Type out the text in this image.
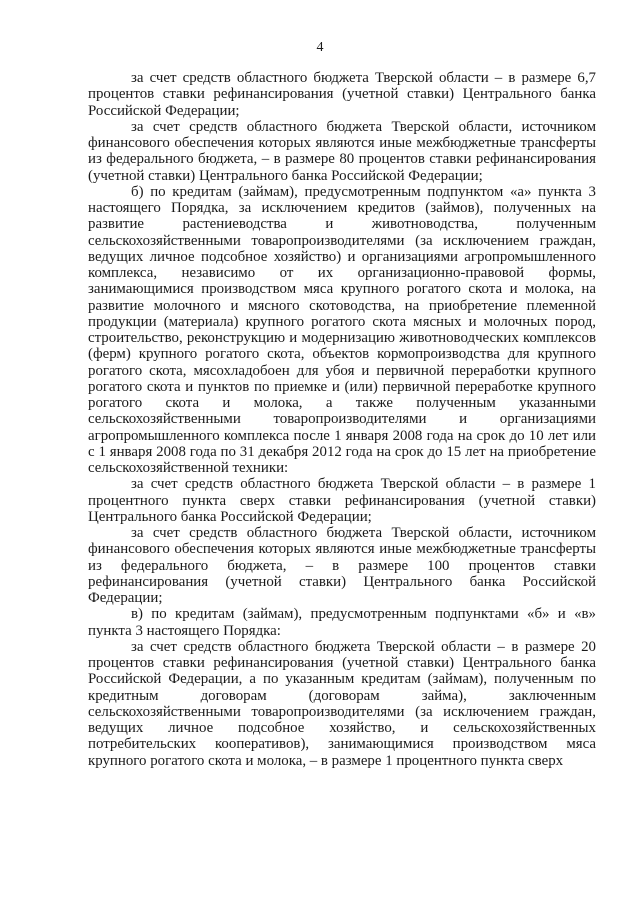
4

за счет средств областного бюджета Тверской области – в размере 6,7 процентов ставки рефинансирования (учетной ставки) Центрального банка Российской Федерации;

за счет средств областного бюджета Тверской области, источником финансового обеспечения которых являются иные межбюджетные трансферты из федерального бюджета, – в размере 80 процентов ставки рефинансирования (учетной ставки) Центрального банка Российской Федерации;

б) по кредитам (займам), предусмотренным подпунктом «а» пункта 3 настоящего Порядка, за исключением кредитов (займов), полученных на развитие растениеводства и животноводства, полученным сельскохозяйственными товаропроизводителями (за исключением граждан, ведущих личное подсобное хозяйство) и организациями агропромышленного комплекса, независимо от их организационно-правовой формы, занимающимися производством мяса крупного рогатого скота и молока, на развитие молочного и мясного скотоводства, на приобретение племенной продукции (материала) крупного рогатого скота мясных и молочных пород, строительство, реконструкцию и модернизацию животноводческих комплексов (ферм) крупного рогатого скота, объектов кормопроизводства для крупного рогатого скота, мясохладобоен для убоя и первичной переработки крупного рогатого скота и пунктов по приемке и (или) первичной переработке крупного рогатого скота и молока, а также полученным указанными сельскохозяйственными товаропроизводителями и организациями агропромышленного комплекса после 1 января 2008 года на срок до 10 лет или с 1 января 2008 года по 31 декабря 2012 года на срок до 15 лет на приобретение сельскохозяйственной техники:

за счет средств областного бюджета Тверской области – в размере 1 процентного пункта сверх ставки рефинансирования (учетной ставки) Центрального банка Российской Федерации;

за счет средств областного бюджета Тверской области, источником финансового обеспечения которых являются иные межбюджетные трансферты из федерального бюджета, – в размере 100 процентов ставки рефинансирования (учетной ставки) Центрального банка Российской Федерации;

в) по кредитам (займам), предусмотренным подпунктами «б» и «в» пункта 3 настоящего Порядка:

за счет средств областного бюджета Тверской области – в размере 20 процентов ставки рефинансирования (учетной ставки) Центрального банка Российской Федерации, а по указанным кредитам (займам), полученным по кредитным договорам (договорам займа), заключенным сельскохозяйственными товаропроизводителями (за исключением граждан, ведущих личное подсобное хозяйство, и сельскохозяйственных потребительских кооперативов), занимающимися производством мяса крупного рогатого скота и молока, – в размере 1 процентного пункта сверх
